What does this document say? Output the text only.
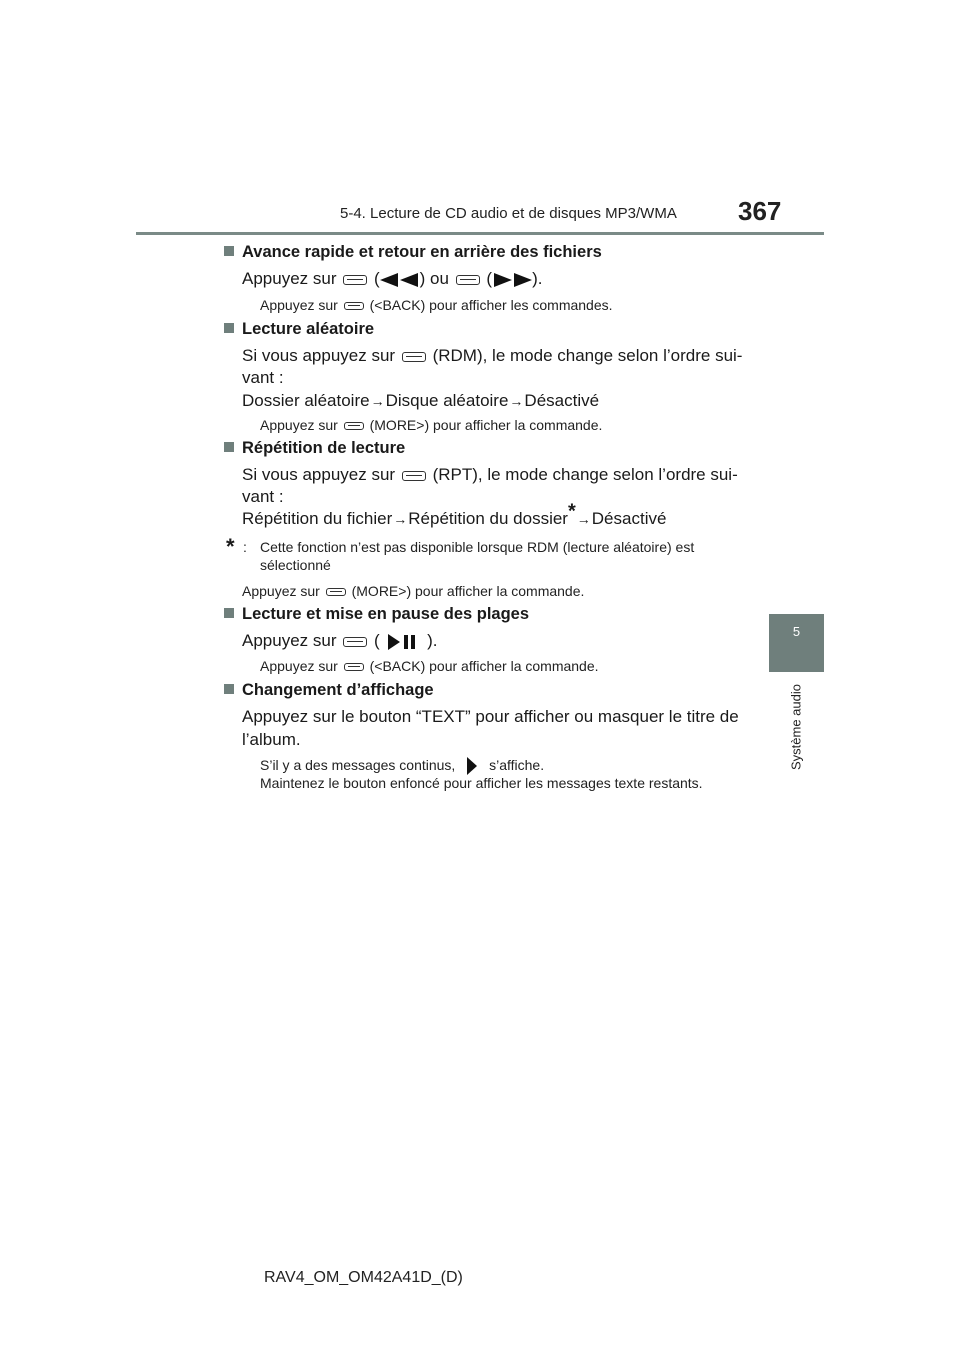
5-4. Lecture de CD audio et de disques MP3/WMA 367
5
Système audio
Avance rapide et retour en arrière des fichiers
Appuyez sur ( ) ou ( ).
Appuyez sur (<BACK) pour afficher les commandes.
Lecture aléatoire
Si vous appuyez sur (RDM), le mode change selon l’ordre sui-
vant :
Dossier aléatoire→Disque aléatoire→Désactivé
Appuyez sur (MORE>) pour afficher la commande.
Répétition de lecture
Si vous appuyez sur (RPT), le mode change selon l’ordre sui-
vant :
Répétition du fichier→Répétition du dossier*→Désactivé
* : Cette fonction n’est pas disponible lorsque RDM (lecture aléatoire) est
sélectionné
Appuyez sur (MORE>) pour afficher la commande.
Lecture et mise en pause des plages
Appuyez sur (	).
Appuyez sur (<BACK) pour afficher la commande.
Changement d’affichage
Appuyez sur le bouton “TEXT” pour afficher ou masquer le titre de
l’album.
S’il y a des messages continus, s’affiche.
Maintenez le bouton enfoncé pour afficher les messages texte restants.
RAV4_OM_OM42A41D_(D)
